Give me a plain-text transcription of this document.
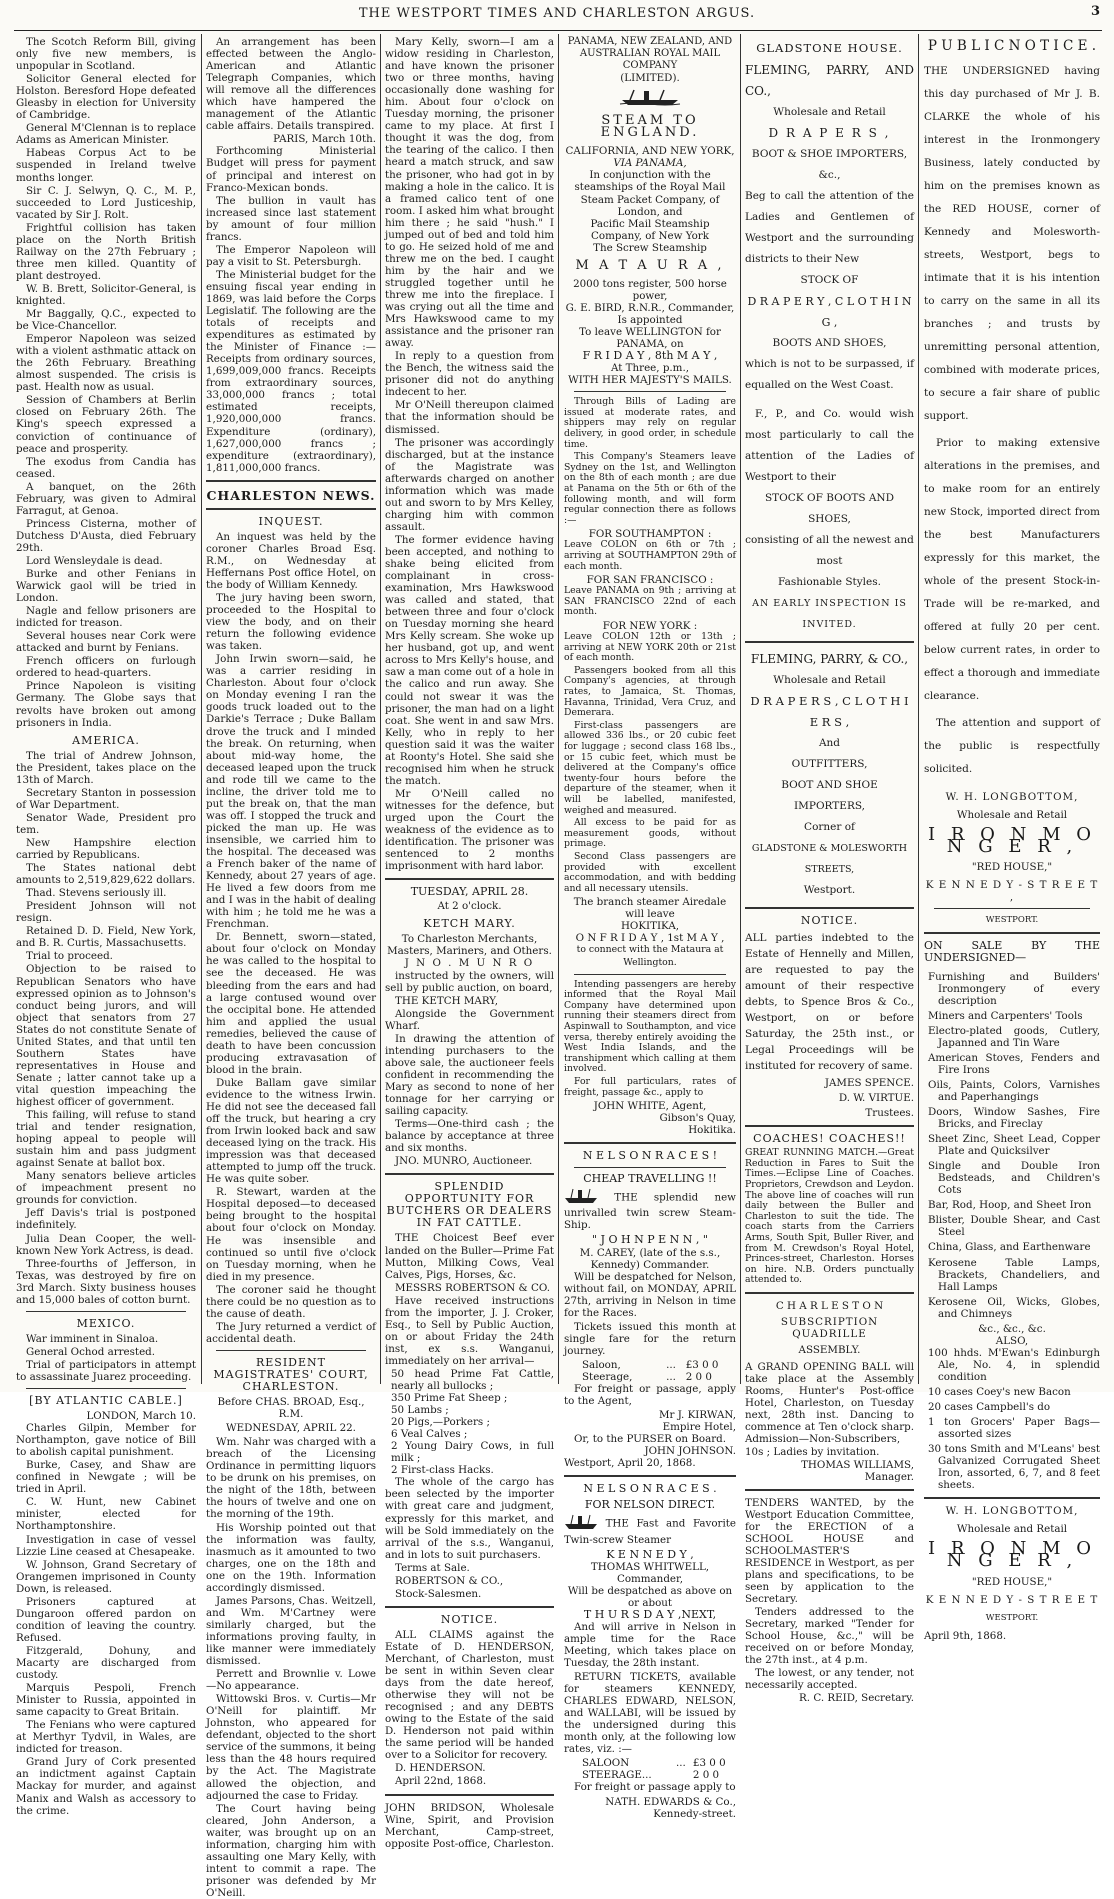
THE WESTPORT TIMES AND CHARLESTON ARGUS.	3

The Scotch Reform Bill, giving only five new members, is unpopular in Scotland.

Solicitor General elected for Holston. Beresford Hope defeated Gleasby in election for University of Cambridge.

General M'Clennan is to replace Adams as American Minister.

Habeas Corpus Act to be suspended in Ireland twelve months longer.

Sir C. J. Selwyn, Q. C., M. P., succeeded to Lord Justiceship, vacated by Sir J. Rolt.

Frightful collision has taken place on the North British Railway on the 27th February ; three men killed. Quantity of plant destroyed.

W. B. Brett, Solicitor-General, is knighted.

Mr Baggally, Q.C., expected to be Vice-Chancellor.

Emperor Napoleon was seized with a violent asthmatic attack on the 26th February. Breathing almost suspended. The crisis is past. Health now as usual.

Session of Chambers at Berlin closed on February 26th. The King's speech expressed a conviction of continuance of peace and prosperity.

The exodus from Candia has ceased.

A banquet, on the 26th February, was given to Admiral Farragut, at Genoa.

Princess Cisterna, mother of Dutchess D'Austa, died February 29th.

Lord Wensleydale is dead.

Burke and other Fenians in Warwick gaol will be tried in London.

Nagle and fellow prisoners are indicted for treason.

Several houses near Cork were attacked and burnt by Fenians.

French officers on furlough ordered to head-quarters.

Prince Napoleon is visiting Germany. The Globe says that revolts have broken out among prisoners in India.

AMERICA.

The trial of Andrew Johnson, the President, takes place on the 13th of March.

Secretary Stanton in possession of War Department.

Senator Wade, President pro tem.

New Hampshire election carried by Republicans.

The States national debt amounts to 2,519,829,622 dollars.

Thad. Stevens seriously ill.

President Johnson will not resign.

Retained D. D. Field, New York, and B. R. Curtis, Massachusetts.

Trial to proceed.

Objection to be raised to Republican Senators who have expressed opinion as to Johnson's conduct being jurors, and will object that senators from 27 States do not constitute Senate of United States, and that until ten Southern States have representatives in House and Senate ; latter cannot take up a vital question impeaching the highest officer of government.

This failing, will refuse to stand trial and tender resignation, hoping appeal to people will sustain him and pass judgment against Senate at ballot box.

Many senators believe articles of impeachment present no grounds for conviction.

Jeff Davis's trial is postponed indefinitely.

Julia Dean Cooper, the well-known New York Actress, is dead.

Three-fourths of Jefferson, in Texas, was destroyed by fire on 3rd March. Sixty business houses and 15,000 bales of cotton burnt.

MEXICO.

War imminent in Sinaloa.

General Ochod arrested.

Trial of participators in attempt to assassinate Juarez proceeding.

[BY ATLANTIC CABLE.]
LONDON, March 10.

Charles Gilpin, Member for Northampton, gave notice of Bill to abolish capital punishment.

Burke, Casey, and Shaw are confined in Newgate ; will be tried in April.

C. W. Hunt, new Cabinet minister, elected for Northamptonshire.

Investigation in case of vessel Lizzie Line ceased at Chesapeake.

W. Johnson, Grand Secretary of Orangemen imprisoned in County Down, is released.

Prisoners captured at Dungaroon offered pardon on condition of leaving the country. Refused.

Fitzgerald, Dohuny, and Macarty are discharged from custody.

Marquis Pespoli, French Minister to Russia, appointed in same capacity to Great Britain.

The Fenians who were captured at Merthyr Tydvil, in Wales, are indicted for treason.

Grand Jury of Cork presented an indictment against Captain Mackay for murder, and against Manix and Walsh as accessory to the crime.

An arrangement has been effected between the Anglo-American and Atlantic Telegraph Companies, which will remove all the differences which have hampered the management of the Atlantic cable affairs. Details transpired.

PARIS, March 10th.

Forthcoming Ministerial Budget will press for payment of principal and interest on Franco-Mexican bonds.

The bullion in vault has increased since last statement by amount of four million francs.

The Emperor Napoleon will pay a visit to St. Petersburgh.

The Ministerial budget for the ensuing fiscal year ending in 1869, was laid before the Corps Legislatif. The following are the totals of receipts and expenditures as estimated by the Minister of Finance :—Receipts from ordinary sources, 1,699,009,000 francs. Receipts from extraordinary sources, 33,000,000 francs ; total estimated receipts, 1,920,000,000 francs. Expenditure (ordinary), 1,627,000,000 francs ; expenditure (extraordinary), 1,811,000,000 francs.

CHARLESTON NEWS.
INQUEST.

An inquest was held by the coroner Charles Broad Esq. R.M., on Wednesday at Heffernans Post office Hotel, on the body of William Kennedy.

The jury having been sworn, proceeded to the Hospital to view the body, and on their return the following evidence was taken.

John Irwin sworn—said, he was a carrier residing in Charleston. About four o'clock on Monday evening I ran the goods truck loaded out to the Darkie's Terrace ; Duke Ballam drove the truck and I minded the break. On returning, when about mid-way home, the deceased leaped upon the truck and rode till we came to the incline, the driver told me to put the break on, that the man was off. I stopped the truck and picked the man up. He was insensible, we carried him to the hospital. The deceased was a French baker of the name of Kennedy, about 27 years of age. He lived a few doors from me and I was in the habit of dealing with him ; he told me he was a Frenchman.

Dr. Bennett, sworn—stated, about four o'clock on Monday he was called to the hospital to see the deceased. He was bleeding from the ears and had a large contused wound over the occipital bone. He attended him and applied the usual remedies, believed the cause of death to have been concussion producing extravasation of blood in the brain.

Duke Ballam gave similar evidence to the witness Irwin. He did not see the deceased fall off the truck, but hearing a cry from Irwin looked back and saw deceased lying on the track. His impression was that deceased attempted to jump off the truck. He was quite sober.

R. Stewart, warden at the Hospital deposed—to deceased being brought to the hospital about four o'clock on Monday. He was insensible and continued so until five o'clock on Tuesday morning, when he died in my presence.

The coroner said he thought there could be no question as to the cause of death.

The Jury returned a verdict of accidental death.

RESIDENT MAGISTRATES' COURT, CHARLESTON.
Before CHAS. BROAD, Esq., R.M.
WEDNESDAY, APRIL 22.

Wm. Nahr was charged with a breach of the Licensing Ordinance in permitting liquors to be drunk on his premises, on the night of the 18th, between the hours of twelve and one on the morning of the 19th.

His Worship pointed out that the information was faulty, inasmuch as it amounted to two charges, one on the 18th and one on the 19th. Information accordingly dismissed.

James Parsons, Chas. Weitzell, and Wm. M'Cartney were similarly charged, but the informations proving faulty, in like manner were immediately dismissed.

Perrett and Brownlie v. Lowe—No appearance.

Wittowski Bros. v. Curtis—Mr O'Neill for plaintiff. Mr Johnston, who appeared for defendant, objected to the short service of the summons, it being less than the 48 hours required by the Act. The Magistrate allowed the objection, and adjourned the case to Friday.

The Court having being cleared, John Anderson, a waiter, was brought up on an information, charging him with assaulting one Mary Kelly, with intent to commit a rape. The prisoner was defended by Mr O'Neill.

Mary Kelly, sworn—I am a widow residing in Charleston, and have known the prisoner two or three months, having occasionally done washing for him. About four o'clock on Tuesday morning, the prisoner came to my place. At first I thought it was the dog, from the tearing of the calico. I then heard a match struck, and saw the prisoner, who had got in by making a hole in the calico. It is a framed calico tent of one room. I asked him what brought him there ; he said "hush." I jumped out of bed and told him to go. He seized hold of me and threw me on the bed. I caught him by the hair and we struggled together until he threw me into the fireplace. I was crying out all the time and Mrs Hawkswood came to my assistance and the prisoner ran away.

In reply to a question from the Bench, the witness said the prisoner did not do anything indecent to her.

Mr O'Neill thereupon claimed that the information should be dismissed.

The prisoner was accordingly discharged, but at the instance of the Magistrate was afterwards charged on another information which was made out and sworn to by Mrs Kelley, charging him with common assault.

The former evidence having been accepted, and nothing to shake being elicited from complainant in cross-examination, Mrs Hawkswood was called and stated, that between three and four o'clock on Tuesday morning she heard Mrs Kelly scream. She woke up her husband, got up, and went across to Mrs Kelly's house, and saw a man come out of a hole in the calico and run away. She could not swear it was the prisoner, the man had on a light coat. She went in and saw Mrs. Kelly, who in reply to her question said it was the waiter at Roonty's Hotel. She said she recognised him when he struck the match.

Mr O'Neill called no witnesses for the defence, but urged upon the Court the weakness of the evidence as to identification. The prisoner was sentenced to 2 months imprisonment with hard labor.

TUESDAY, APRIL 28.
At 2 o'clock.
KETCH MARY.
To Charleston Merchants, Masters, Mariners, and Others.
J N O . M U N R O

instructed by the owners, will sell by public auction, on board,

THE KETCH MARY,

Alongside the Government Wharf.

In drawing the attention of intending purchasers to the above sale, the auctioneer feels confident in recommending the Mary as second to none of her tonnage for her carrying or sailing capacity.

Terms—One-third cash ; the balance by acceptance at three and six months.

JNO. MUNRO, Auctioneer.

SPLENDID OPPORTUNITY FOR BUTCHERS OR DEALERS IN FAT CATTLE.

THE Choicest Beef ever landed on the Buller—Prime Fat Mutton, Milking Cows, Veal Calves, Pigs, Horses, &c.

MESSRS ROBERTSON & CO.

Have received instructions from the importer, J. J. Croker, Esq., to Sell by Public Auction, on or about Friday the 24th inst, ex s.s. Wanganui, immediately on her arrival—

50 head Prime Fat Cattle, nearly all bullocks ;
350 Prime Fat Sheep ;
50 Lambs ;
20 Pigs,—Porkers ;
6 Veal Calves ;
2 Young Dairy Cows, in full milk ;
2 First-class Hacks.

The whole of the cargo has been selected by the importer with great care and judgment, expressly for this market, and will be Sold immediately on the arrival of the s.s., Wanganui, and in lots to suit purchasers.

Terms at Sale.

ROBERTSON & CO.,

Stock-Salesmen.

NOTICE.

ALL CLAIMS against the Estate of D. HENDERSON, Merchant, of Charleston, must be sent in within Seven clear days from the date hereof, otherwise they will not be recognised ; and any DEBTS owing to the Estate of the said D. Henderson not paid within the same period will be handed over to a Solicitor for recovery.

D. HENDERSON.

April 22nd, 1868.

JOHN BRIDSON, Wholesale Wine, Spirit, and Provision Merchant, Camp-street, opposite Post-office, Charleston.

PANAMA, NEW ZEALAND, AND AUSTRALIAN ROYAL MAIL COMPANY
(LIMITED).
STEAM TO ENGLAND.
CALIFORNIA, AND NEW YORK,
VIA PANAMA,
In conjunction with the steamships of the Royal Mail Steam Packet Company, of London, and
Pacific Mail Steamship Company, of New York
The Screw Steamship
M A T A U R A ,
2000 tons register, 500 horse power,
G. E. BIRD, R.N.R., Commander,
Is appointed
To leave WELLINGTON for PANAMA, on
F R I D A Y , 8th M A Y ,
At Three, p.m.,
WITH HER MAJESTY'S MAILS.

Through Bills of Lading are issued at moderate rates, and shippers may rely on regular delivery, in good order, in schedule time.

This Company's Steamers leave Sydney on the 1st, and Wellington on the 8th of each month ; are due at Panama on the 5th or 6th of the following month, and will form regular connection there as follows :—

FOR SOUTHAMPTON :

Leave COLON on 6th or 7th ; arriving at SOUTHAMPTON 29th of each month.

FOR SAN FRANCISCO :

Leave PANAMA on 9th ; arriving at SAN FRANCISCO 22nd of each month.

FOR NEW YORK :

Leave COLON 12th or 13th ; arriving at NEW YORK 20th or 21st of each month.

Passengers booked from all this Company's agencies, at through rates, to Jamaica, St. Thomas, Havanna, Trinidad, Vera Cruz, and Demerara.

First-class passengers are allowed 336 lbs., or 20 cubic feet for luggage ; second class 168 lbs., or 15 cubic feet, which must be delivered at the Company's office twenty-four hours before the departure of the steamer, when it will be labelled, manifested, weighed and measured.

All excess to be paid for as measurement goods, without primage.

Second Class passengers are provided with excellent accommodation, and with bedding and all necessary utensils.

The branch steamer Airedale will leave
HOKITIKA,
O N F R I D A Y , 1st M A Y ,
to connect with the Mataura at Wellington.

Intending passengers are hereby informed that the Royal Mail Company have determined upon running their steamers direct from Aspinwall to Southampton, and vice versa, thereby entirely avoiding the West India Islands, and the transhipment which calling at them involved.

For full particulars, rates of freight, passage &c., apply to

JOHN WHITE, Agent,
Gibson's Quay,
Hokitika.
N E L S O N R A C E S !
CHEAP TRAVELLING !!
THE splendid new unrivalled twin screw Steam-Ship.
" J O H N P E N N , "
M. CAREY, (late of the s.s., Kennedy) Commander.

Will be despatched for Nelson, without fail, on MONDAY, APRIL 27th, arriving in Nelson in time for the Races.

Tickets issued this month at single fare for the return journey.

Saloon,	...	£3 0 0
Steerage,	...	2 0 0

For freight or passage, apply to the Agent,

Mr J. KIRWAN,
Empire Hotel,
Or, to the PURSER on Board.
JOHN JOHNSON.
Westport, April 20, 1868.
N E L S O N R A C E S .
FOR NELSON DIRECT.
THE Fast and Favorite Twin-screw Steamer
K E N N E D Y ,
THOMAS WHITWELL, Commander,
Will be despatched as above on or about
T H U R S D A Y ,NEXT,

And will arrive in Nelson in ample time for the Race Meeting, which takes place on Tuesday, the 28th instant.

RETURN TICKETS, available for steamers KENNEDY, CHARLES EDWARD, NELSON, and WALLABI, will be issued by the undersigned during this month only, at the following low rates, viz. :—

SALOON	...	£3 0 0
STEERAGE...		2 0 0

For freight or passage apply to

NATH. EDWARDS & Co.,
Kennedy-street.
GLADSTONE HOUSE.
FLEMING, PARRY, AND CO.,
Wholesale and Retail
D R A P E R S ,
BOOT & SHOE IMPORTERS, &c.,
Beg to call the attention of the Ladies and Gentlemen of Westport and the surrounding districts to their New
STOCK OF
D R A P E R Y , C L O T H I N G ,
BOOTS AND SHOES,
which is not to be surpassed, if equalled on the West Coast.
F., P., and Co. would wish most particularly to call the attention of the Ladies of Westport to their
STOCK OF BOOTS AND SHOES,
consisting of all the newest and most
Fashionable Styles.
AN EARLY INSPECTION IS INVITED.
FLEMING, PARRY, & CO.,
Wholesale and Retail
D R A P E R S , C L O T H I E R S ,
And
OUTFITTERS,
BOOT AND SHOE IMPORTERS,
Corner of
GLADSTONE & MOLESWORTH STREETS,
Westport.
NOTICE.
ALL parties indebted to the Estate of Hennelly and Millen, are requested to pay the amount of their respective debts, to Spence Bros & Co., Westport, on or before Saturday, the 25th inst., or Legal Proceedings will be instituted for recovery of same.
JAMES SPENCE.
D. W. VIRTUE.
Trustees.
COACHES! COACHES!!

GREAT RUNNING MATCH.—Great Reduction in Fares to Suit the Times.—Eclipse Line of Coaches. Proprietors, Crewdson and Leydon. The above line of coaches will run daily between the Buller and Charleston to suit the tide. The coach starts from the Carriers Arms, South Spit, Buller River, and from M. Crewdson's Royal Hotel, Princes-street, Charleston. Horses on hire. N.B. Orders punctually attended to.

C H A R L E S T O N
SUBSCRIPTION QUADRILLE
ASSEMBLY.

A GRAND OPENING BALL will take place at the Assembly Rooms, Hunter's Post-office Hotel, Charleston, on Tuesday next, 28th inst. Dancing to commence at Ten o'clock sharp. Admission—Non-Subscribers, 10s ; Ladies by invitation.

THOMAS WILLIAMS,
Manager.

TENDERS WANTED, by the Westport Education Committee, for the ERECTION of a SCHOOL HOUSE and SCHOOLMASTER'S RESIDENCE in Westport, as per plans and specifications, to be seen by application to the Secretary.

Tenders addressed to the Secretary, marked "Tender for School House, &c.," will be received on or before Monday, the 27th inst., at 4 p.m.

The lowest, or any tender, not necessarily accepted.

R. C. REID, Secretary.
P U B L I C N O T I C E .
THE UNDERSIGNED having this day purchased of Mr J. B. CLARKE the whole of his interest in the Ironmongery Business, lately conducted by him on the premises known as the RED HOUSE, corner of Kennedy and Molesworth-streets, Westport, begs to intimate that it is his intention to carry on the same in all its branches ; and trusts by unremitting personal attention, combined with moderate prices, to secure a fair share of public support.
Prior to making extensive alterations in the premises, and to make room for an entirely new Stock, imported direct from the best Manufacturers expressly for this market, the whole of the present Stock-in-Trade will be re-marked, and offered at fully 20 per cent. below current rates, in order to effect a thorough and immediate clearance.
The attention and support of the public is respectfully solicited.
W. H. LONGBOTTOM,
Wholesale and Retail
I R O N M O N G E R ,
"RED HOUSE,"
K E N N E D Y - S T R E E T ,
WESTPORT.
ON SALE BY THE UNDERSIGNED—
Furnishing and Builders' Ironmongery of every description
Miners and Carpenters' Tools
Electro-plated goods, Cutlery, Japanned and Tin Ware
American Stoves, Fenders and Fire Irons
Oils, Paints, Colors, Varnishes and Paperhangings
Doors, Window Sashes, Fire Bricks, and Fireclay
Sheet Zinc, Sheet Lead, Copper Plate and Quicksilver
Single and Double Iron Bedsteads, and Children's Cots
Bar, Rod, Hoop, and Sheet Iron
Blister, Double Shear, and Cast Steel
China, Glass, and Earthenware
Kerosene Table Lamps, Brackets, Chandeliers, and Hall Lamps
Kerosene Oil, Wicks, Globes, and Chimneys
&c., &c., &c.
ALSO,
100 hhds. M'Ewan's Edinburgh Ale, No. 4, in splendid condition
10 cases Coey's new Bacon
20 cases Campbell's do
1 ton Grocers' Paper Bags—assorted sizes
30 tons Smith and M'Leans' best Galvanized Corrugated Sheet Iron, assorted, 6, 7, and 8 feet sheets.
W. H. LONGBOTTOM,
Wholesale and Retail
I R O N M O N G E R ,
"RED HOUSE,"
K E N N E D Y - S T R E E T
WESTPORT.
April 9th, 1868.
